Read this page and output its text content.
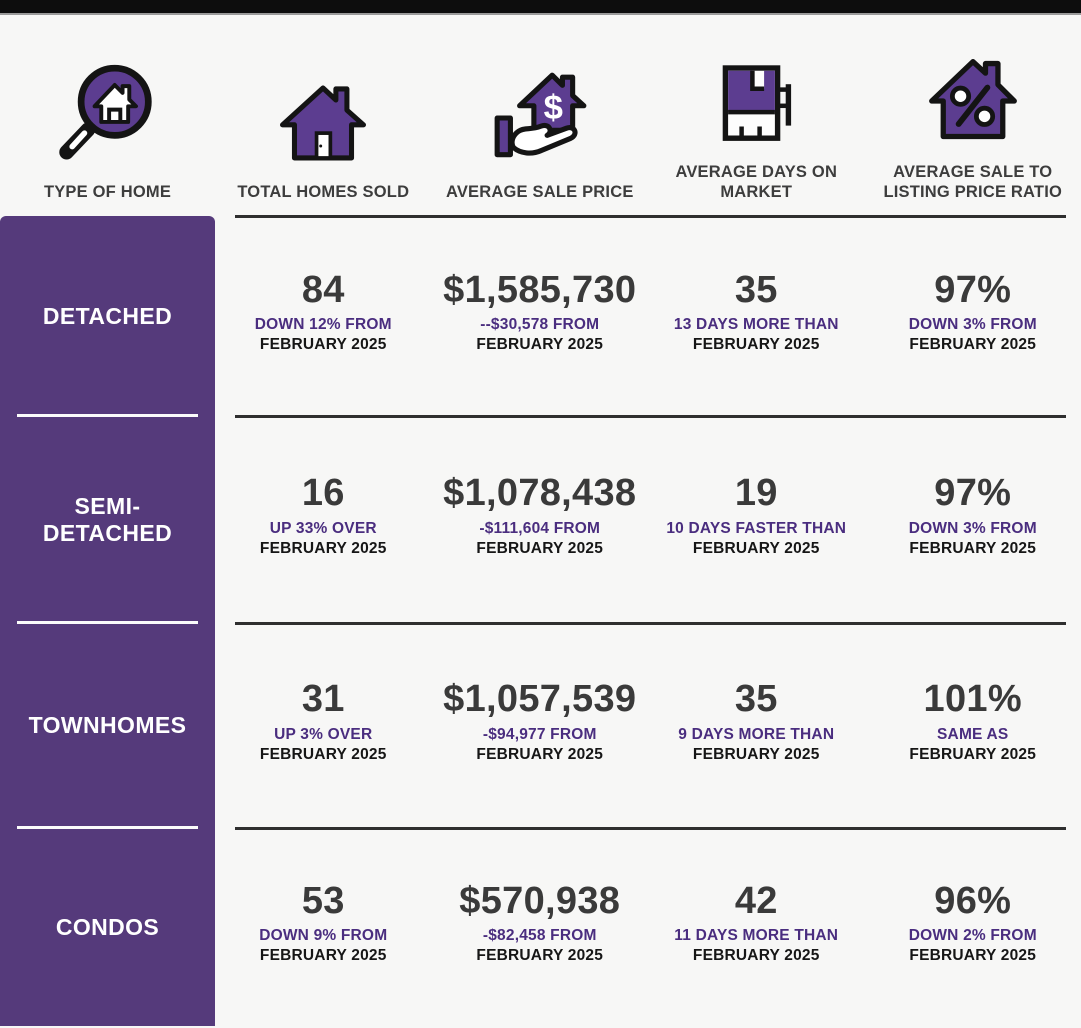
TYPE OF HOME	TOTAL HOMES SOLD
$
AVERAGE SALE PRICE
AVERAGE DAYS ON MARKET
AVERAGE SALE TO LISTING PRICE RATIO
DETACHED
SEMI- DETACHED
TOWNHOMES
CONDOS
84
DOWN 12% FROM
FEBRUARY 2025
$1,585,730
--$30,578 FROM
FEBRUARY 2025
35
13 DAYS MORE THAN
FEBRUARY 2025
97%
DOWN 3% FROM
FEBRUARY 2025
16
UP 33% OVER
FEBRUARY 2025
$1,078,438
-$111,604 FROM
FEBRUARY 2025
19
10 DAYS FASTER THAN
FEBRUARY 2025
97%
DOWN 3% FROM
FEBRUARY 2025
31
UP 3% OVER
FEBRUARY 2025
$1,057,539
-$94,977 FROM
FEBRUARY 2025
35
9 DAYS MORE THAN
FEBRUARY 2025
101%
SAME AS
FEBRUARY 2025
53
DOWN 9% FROM
FEBRUARY 2025
$570,938
-$82,458 FROM
FEBRUARY 2025
42
11 DAYS MORE THAN
FEBRUARY 2025
96%
DOWN 2% FROM
FEBRUARY 2025
